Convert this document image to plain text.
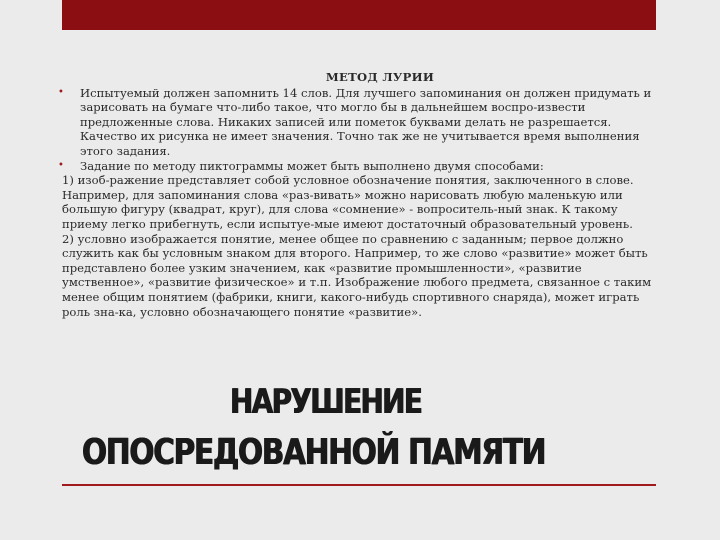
МЕТОД ЛУРИИ

• Испытуемый должен запомнить 14 слов. Для лучшего запоминания он должен придумать и зарисовать на бумаге что-либо такое, что могло бы в дальнейшем воспро-извести предложенные слова. Никаких записей или пометок буквами делать не разрешается. Качество их рисунка не имеет значения. Точно так же не учитывается время выполнения этого задания.
• Задание по методу пиктограммы может быть выполнено двумя способами:

1) изоб-ражение представляет собой условное обозначение понятия, заключенного в слове. Например, для запоминания слова «раз-вивать» можно нарисовать любую маленькую или большую фигуру (квадрат, круг), для слова «сомнение» - вопроситель-ный знак. К такому приему легко прибегнуть, если испытуе-мые имеют достаточный образовательный уровень.

2) условно изображается понятие, менее общее по сравнению с заданным; первое должно служить как бы условным знаком для второго. Например, то же слово «развитие» может быть представлено более узким значением, как «развитие промышленности», «развитие умственное», «развитие физическое» и т.п. Изображение любого предмета, связанное с таким менее общим понятием (фабрики, книги, какого-нибудь спортивного снаряда), может играть роль зна-ка, условно обозначающего понятие «развитие».

НАРУШЕНИЕ
ОПОСРЕДОВАННОЙ ПАМЯТИ
